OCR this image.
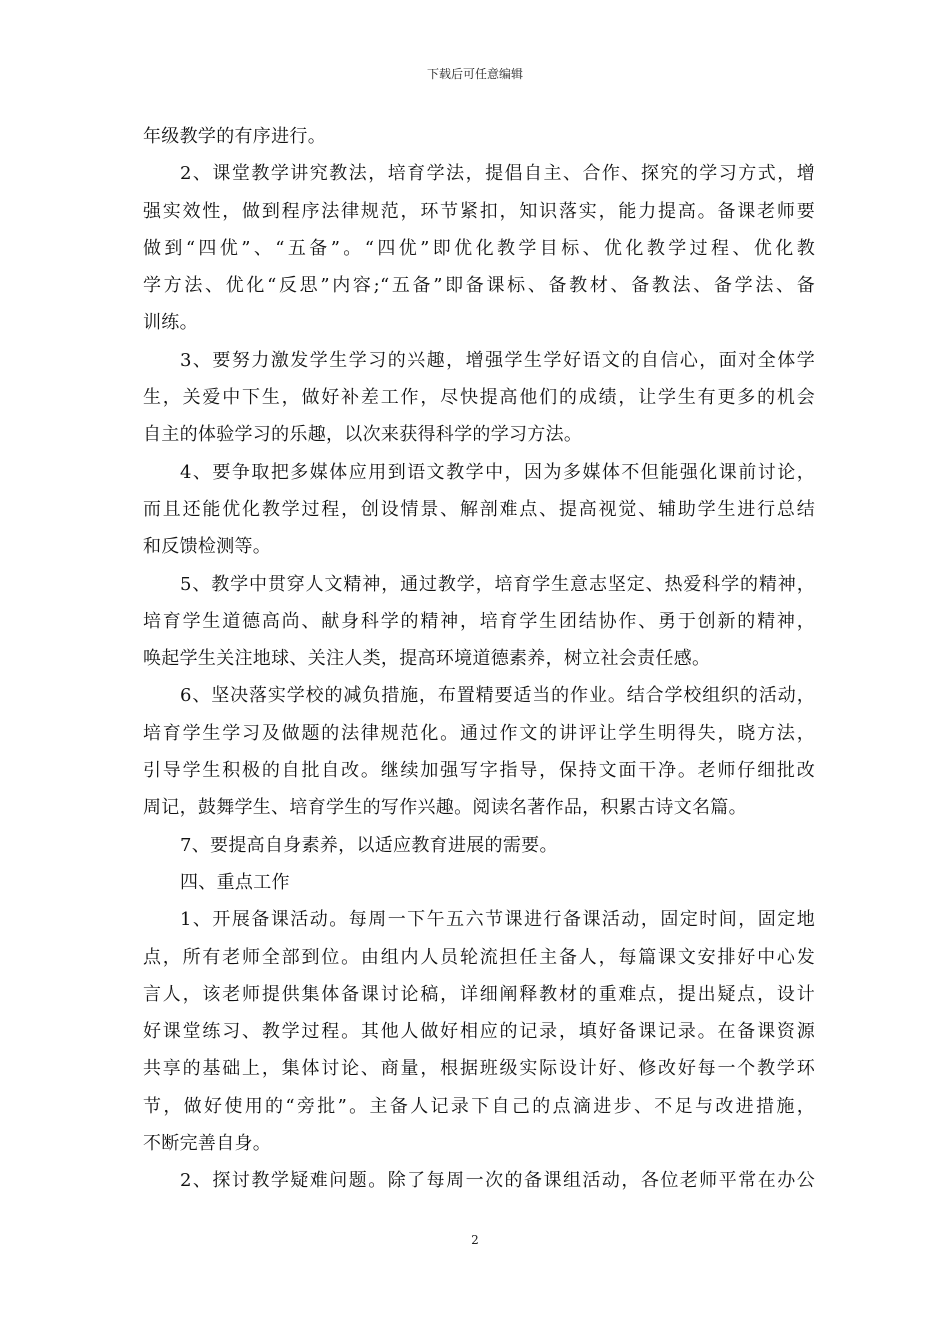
下载后可任意编辑
年级教学的有序进行。
2、课堂教学讲究教法，培育学法，提倡自主、合作、探究的学习方式，增
强实效性，做到程序法律规范，环节紧扣，知识落实，能力提高。备课老师要
做到“四优”、“五备”。“四优”即优化教学目标、优化教学过程、优化教
学方法、优化“反思”内容;“五备”即备课标、备教材、备教法、备学法、备
训练。
3、要努力激发学生学习的兴趣，增强学生学好语文的自信心，面对全体学
生，关爱中下生，做好补差工作，尽快提高他们的成绩，让学生有更多的机会
自主的体验学习的乐趣，以次来获得科学的学习方法。
4、要争取把多媒体应用到语文教学中，因为多媒体不但能强化课前讨论，
而且还能优化教学过程，创设情景、解剖难点、提高视觉、辅助学生进行总结
和反馈检测等。
5、教学中贯穿人文精神，通过教学，培育学生意志坚定、热爱科学的精神，
培育学生道德高尚、献身科学的精神，培育学生团结协作、勇于创新的精神，
唤起学生关注地球、关注人类，提高环境道德素养，树立社会责任感。
6、坚决落实学校的减负措施，布置精要适当的作业。结合学校组织的活动，
培育学生学习及做题的法律规范化。通过作文的讲评让学生明得失，晓方法，
引导学生积极的自批自改。继续加强写字指导，保持文面干净。老师仔细批改
周记，鼓舞学生、培育学生的写作兴趣。阅读名著作品，积累古诗文名篇。
7、要提高自身素养，以适应教育进展的需要。
四、重点工作
1、开展备课活动。每周一下午五六节课进行备课活动，固定时间，固定地
点，所有老师全部到位。由组内人员轮流担任主备人，每篇课文安排好中心发
言人，该老师提供集体备课讨论稿，详细阐释教材的重难点，提出疑点，设计
好课堂练习、教学过程。其他人做好相应的记录，填好备课记录。在备课资源
共享的基础上，集体讨论、商量，根据班级实际设计好、修改好每一个教学环
节，做好使用的“旁批”。主备人记录下自己的点滴进步、不足与改进措施，
不断完善自身。
2、探讨教学疑难问题。除了每周一次的备课组活动，各位老师平常在办公
2
